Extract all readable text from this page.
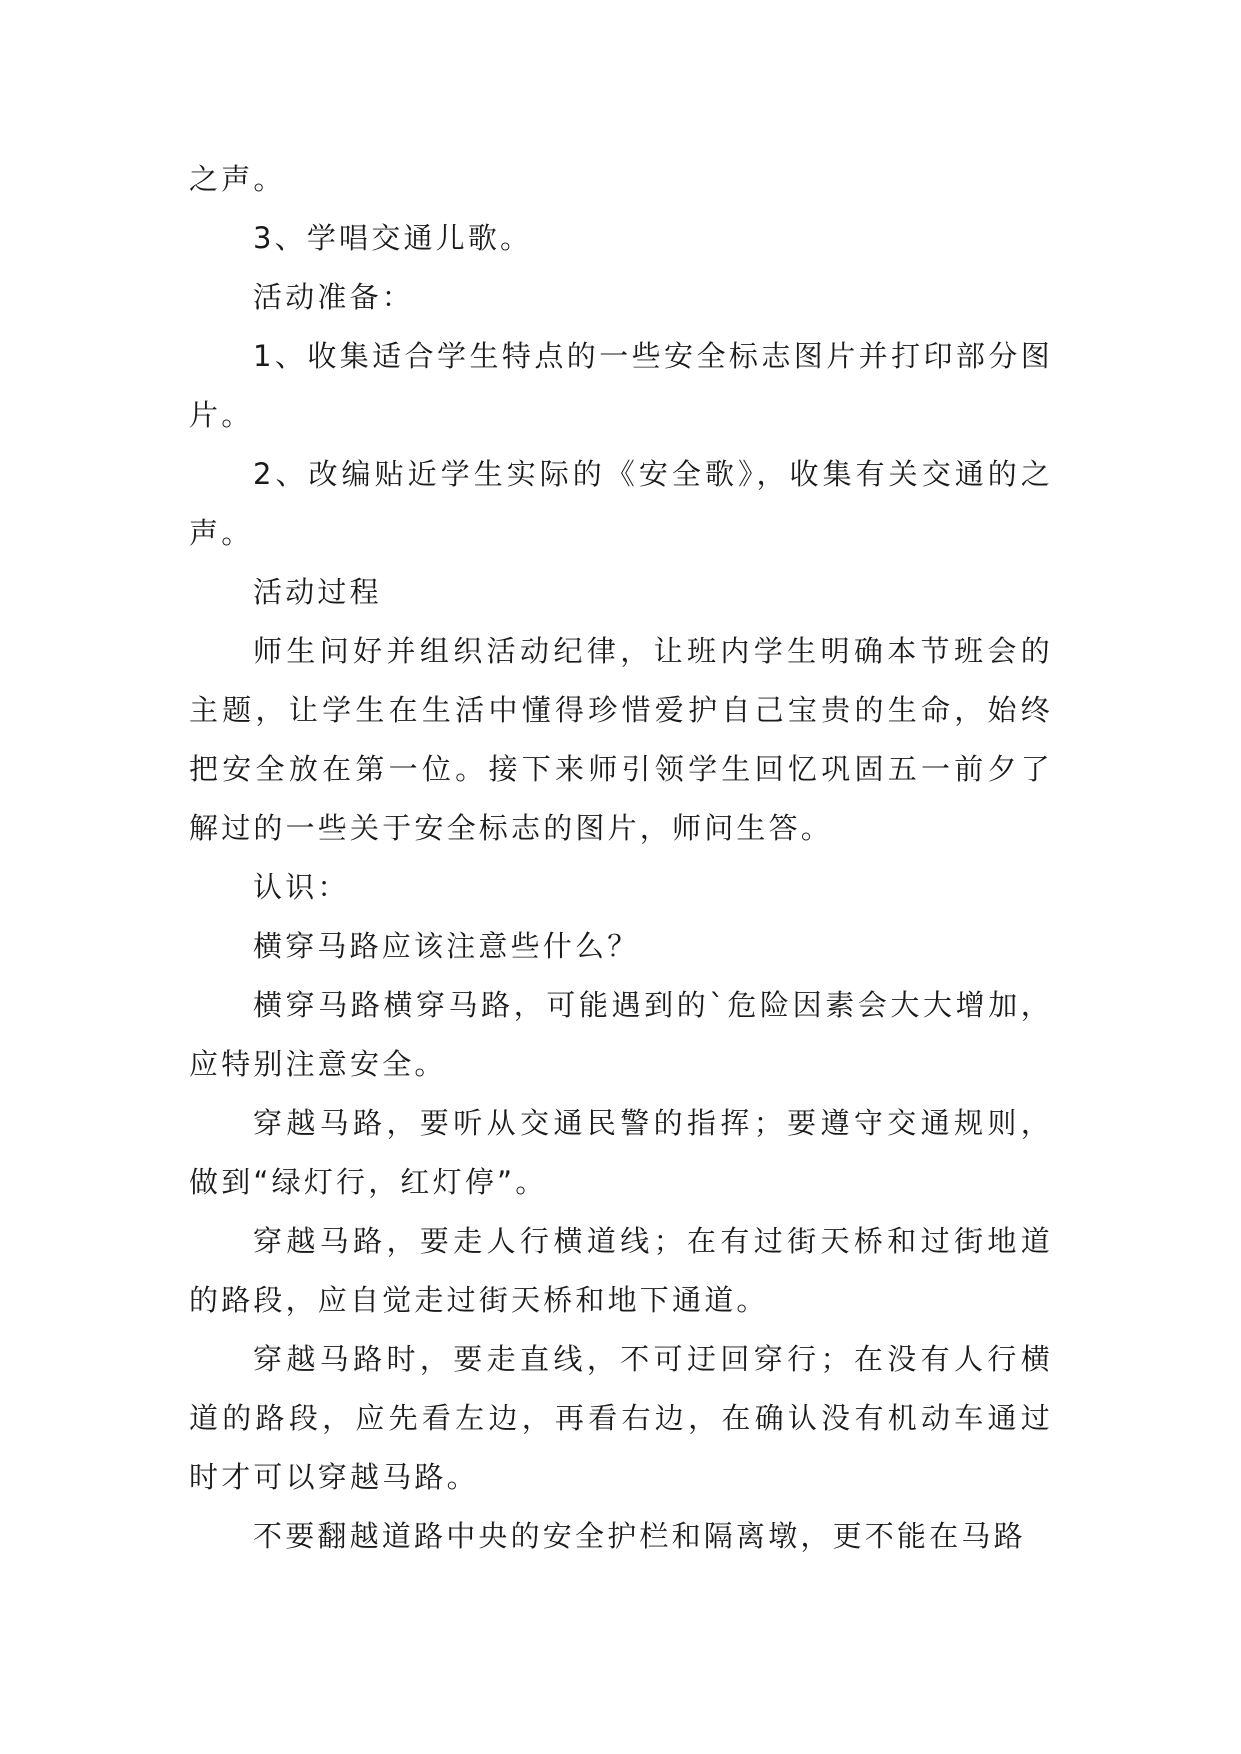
之声。

3、学唱交通儿歌。

活动准备：

1、收集适合学生特点的一些安全标志图片并打印部分图片。

2、改编贴近学生实际的《安全歌》，收集有关交通的之声。

活动过程

师生问好并组织活动纪律，让班内学生明确本节班会的主题，让学生在生活中懂得珍惜爱护自己宝贵的生命，始终把安全放在第一位。接下来师引领学生回忆巩固五一前夕了解过的一些关于安全标志的图片，师问生答。

认识：

横穿马路应该注意些什么？

横穿马路横穿马路，可能遇到的`危险因素会大大增加，应特别注意安全。

穿越马路，要听从交通民警的指挥；要遵守交通规则，做到“绿灯行，红灯停”。

穿越马路，要走人行横道线；在有过街天桥和过街地道的路段，应自觉走过街天桥和地下通道。

穿越马路时，要走直线，不可迂回穿行；在没有人行横道的路段，应先看左边，再看右边，在确认没有机动车通过时才可以穿越马路。

不要翻越道路中央的安全护栏和隔离墩，更不能在马路
